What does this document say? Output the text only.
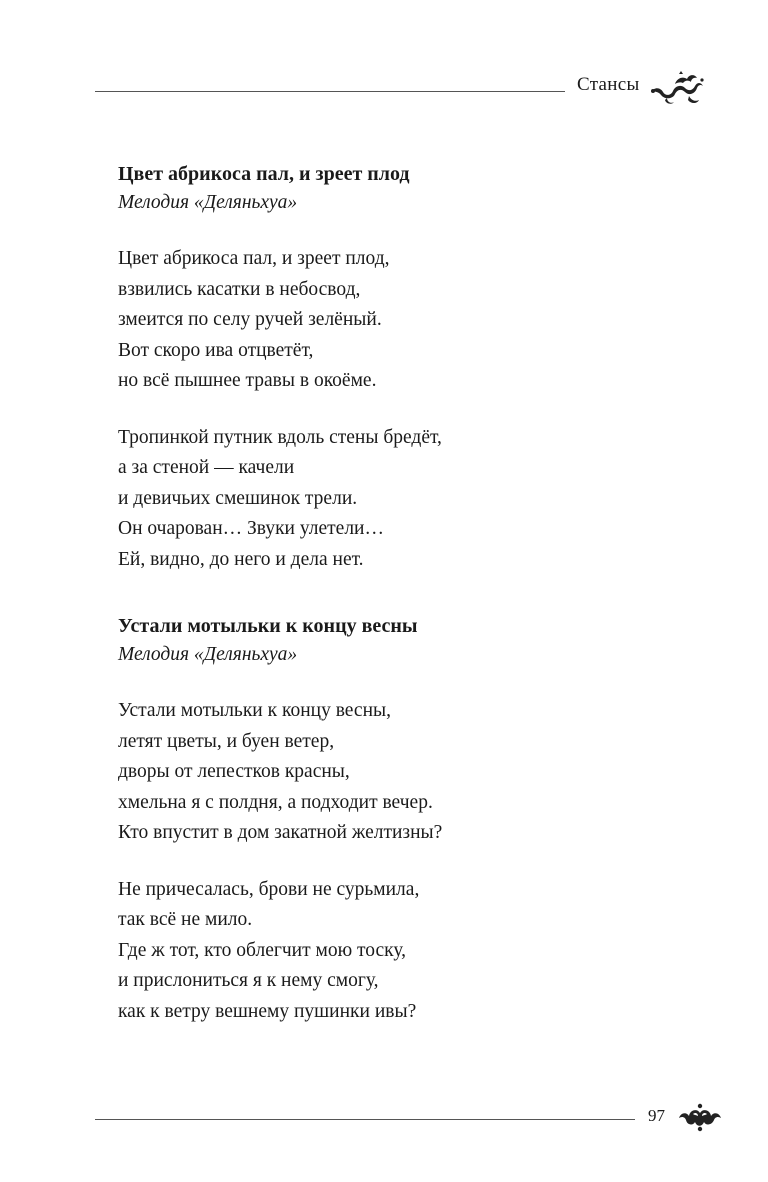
Стансы
Цвет абрикоса пал, и зреет плод
Мелодия «Деляньхуа»
Цвет абрикоса пал, и зреет плод,
взвились касатки в небосвод,
змеится по селу ручей зелёный.
Вот скоро ива отцветёт,
но всё пышнее травы в окоёме.
Тропинкой путник вдоль стены бредёт,
а за стеной — качели
и девичьих смешинок трели.
Он очарован… Звуки улетели…
Ей, видно, до него и дела нет.
Устали мотыльки к концу весны
Мелодия «Деляньхуа»
Устали мотыльки к концу весны,
летят цветы, и буен ветер,
дворы от лепестков красны,
хмельна я с полдня, а подходит вечер.
Кто впустит в дом закатной желтизны?
Не причесалась, брови не сурьмила,
так всё не мило.
Где ж тот, кто облегчит мою тоску,
и прислониться я к нему смогу,
как к ветру вешнему пушинки ивы?
97
